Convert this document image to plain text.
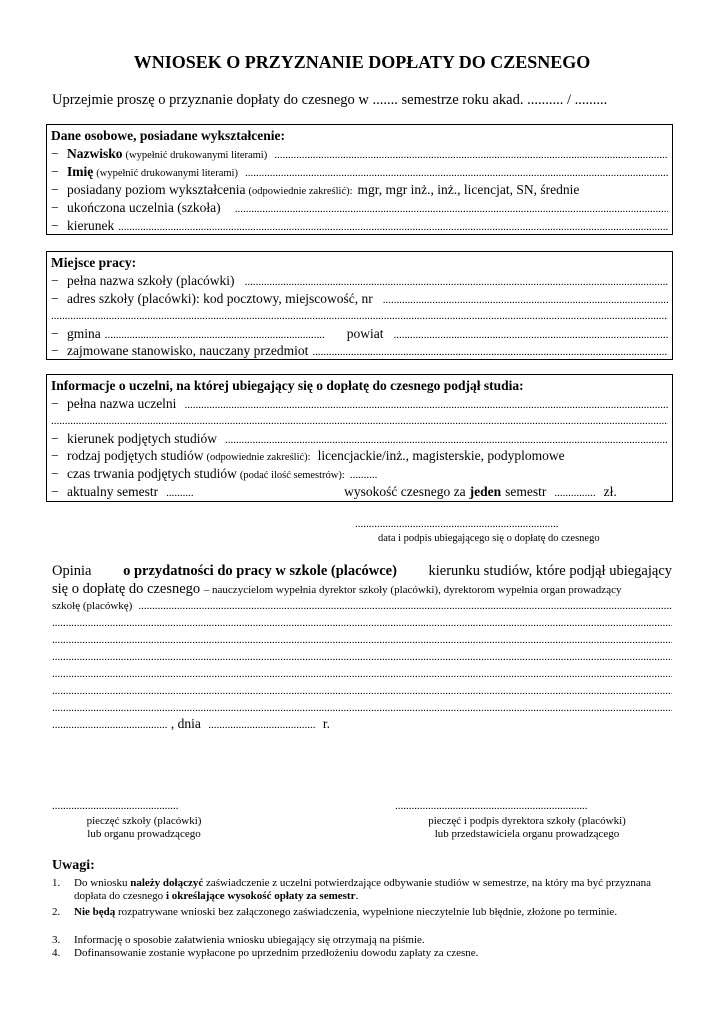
WNIOSEK O PRZYZNANIE DOPŁATY DO CZESNEGO
Uprzejmie proszę o przyznanie dopłaty do czesnego w ....... semestrze roku akad. .......... / .........
Dane osobowe, posiadane wykształcenie:
− Nazwisko (wypełnić drukowanymi literami)
.....
− Imię (wypełnić drukowanymi literami)
.....
− posiadany poziom wykształcenia (odpowiednie zakreślić): mgr, mgr inż., inż., licencjat, SN, średnie
− ukończona uczelnia (szkoła)
.....
− kierunek
.....
Miejsce pracy:
− pełna nazwa szkoły (placówki)
.....
− adres szkoły (placówki): kod pocztowy, miejscowość, nr
.....
.....
− gmina ................................................................................	powiat
.....
− zajmowane stanowisko, nauczany przedmiot
.....
Informacje o uczelni, na której ubiegający się o dopłatę do czesnego podjął studia:
− pełna nazwa uczelni
.....
.....
− kierunek podjętych studiów
.....
− rodzaj podjętych studiów (odpowiednie zakreślić): licencjackie/inż., magisterskie, podyplomowe
− czas trwania podjętych studiów (podać ilość semestrów): ..........
− aktualny semestr ..........	wysokość czesnego za jeden semestr ............... zł.
..........................................................................
data i podpis ubiegającego się o dopłatę do czesnego
Opinia o przydatności do pracy w szkole (placówce) kierunku studiów, które podjął ubiegający
się o dopłatę do czesnego – nauczycielom wypełnia dyrektor szkoły (placówki), dyrektorom wypełnia organ prowadzący
szkołę (placówkę)
.....
.....
.....
.....
.....
.....
.....
.......................................... , dnia ....................................... r.
..............................................
pieczęć szkoły (placówki)
lub organu prowadzącego
......................................................................
pieczęć i podpis dyrektora szkoły (placówki)
lub przedstawiciela organu prowadzącego
Uwagi:
1. Do wniosku należy dołączyć zaświadczenie z uczelni potwierdzające odbywanie studiów w semestrze, na który ma być przyznana dopłata do czesnego i określające wysokość opłaty za semestr.
2. Nie będą rozpatrywane wnioski bez załączonego zaświadczenia, wypełnione nieczytelnie lub błędnie, złożone po terminie.
3. Informację o sposobie załatwienia wniosku ubiegający się otrzymają na piśmie.
4. Dofinansowanie zostanie wypłacone po uprzednim przedłożeniu dowodu zapłaty za czesne.
